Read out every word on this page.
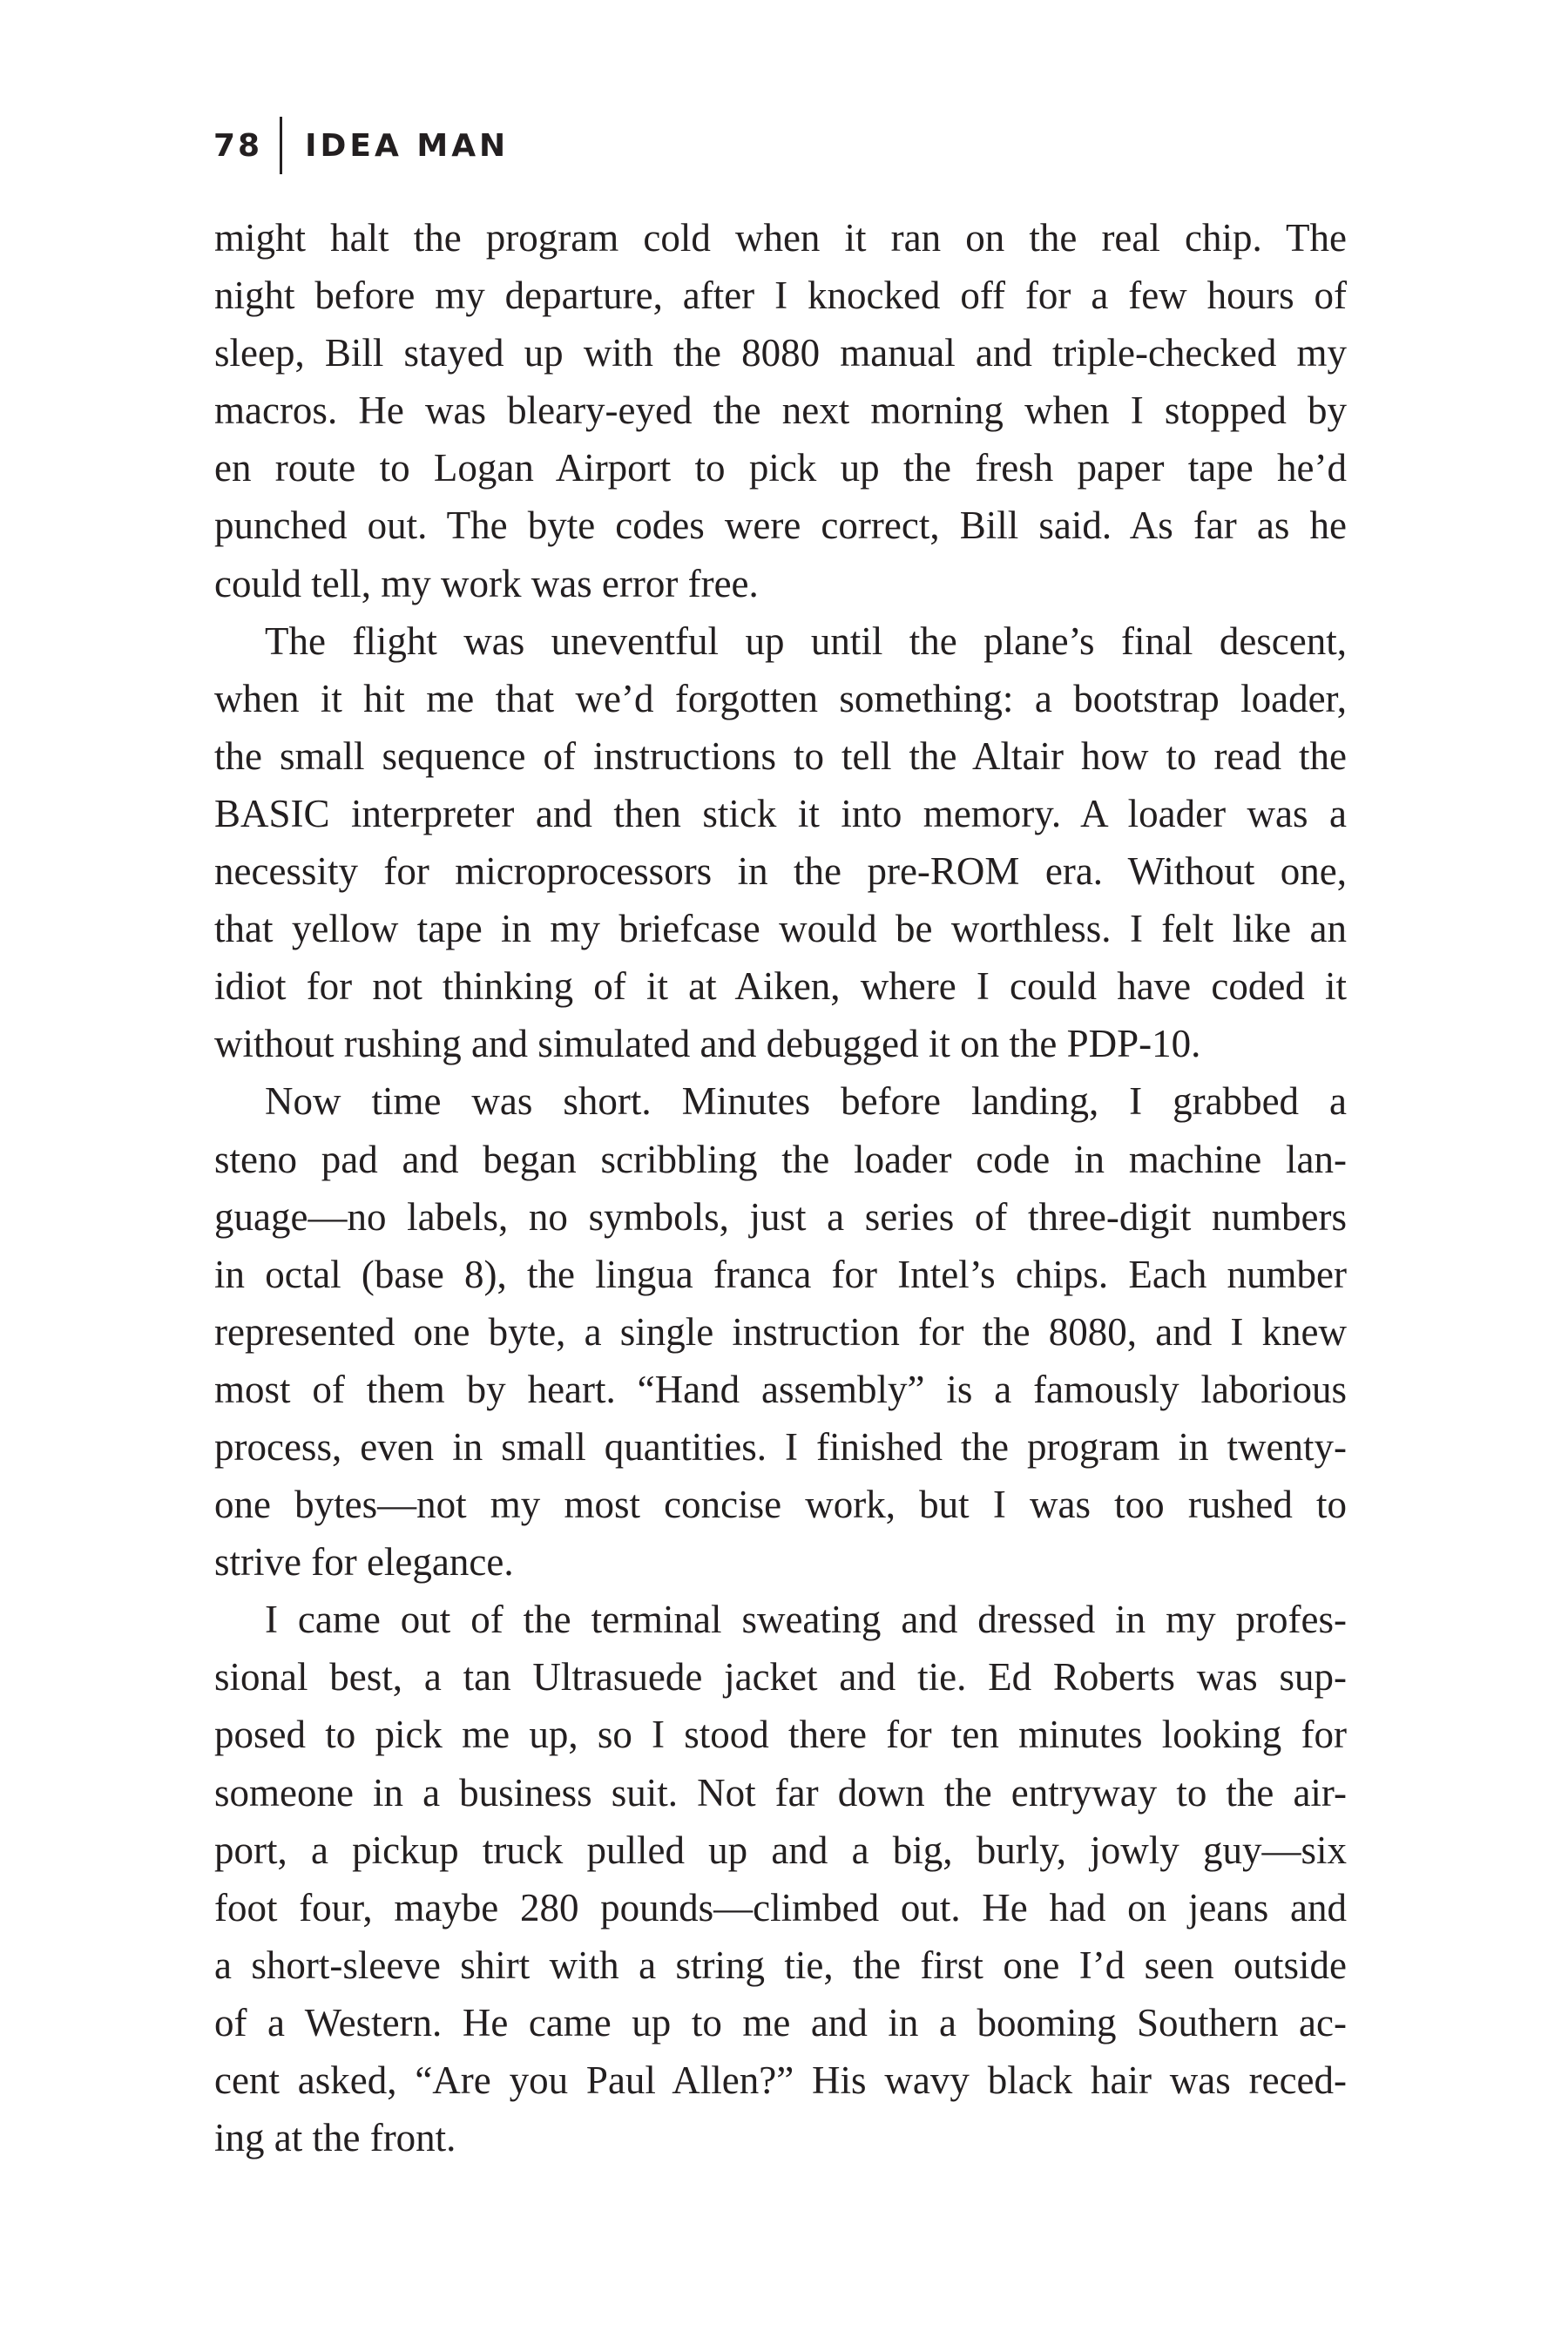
78 IDEA MAN

might halt the program cold when it ran on the real chip. The

night before my departure, after I knocked off for a few hours of

sleep, Bill stayed up with the 8080 manual and triple-checked my

macros. He was bleary-eyed the next morning when I stopped by

en route to Logan Airport to pick up the fresh paper tape he’d

punched out. The byte codes were correct, Bill said. As far as he

could tell, my work was error free.

The flight was uneventful up until the plane’s final descent,

when it hit me that we’d forgotten something: a bootstrap loader,

the small sequence of instructions to tell the Altair how to read the

BASIC interpreter and then stick it into memory. A loader was a

necessity for microprocessors in the pre-ROM era. Without one,

that yellow tape in my briefcase would be worthless. I felt like an

idiot for not thinking of it at Aiken, where I could have coded it

without rushing and simulated and debugged it on the PDP-10.

Now time was short. Minutes before landing, I grabbed a

steno pad and began scribbling the loader code in machine lan-

guage—no labels, no symbols, just a series of three-digit numbers

in octal (base 8), the lingua franca for Intel’s chips. Each number

represented one byte, a single instruction for the 8080, and I knew

most of them by heart. “Hand assembly” is a famously laborious

process, even in small quantities. I finished the program in twenty-

one bytes—not my most concise work, but I was too rushed to

strive for elegance.

I came out of the terminal sweating and dressed in my profes-

sional best, a tan Ultrasuede jacket and tie. Ed Roberts was sup-

posed to pick me up, so I stood there for ten minutes looking for

someone in a business suit. Not far down the entryway to the air-

port, a pickup truck pulled up and a big, burly, jowly guy—six

foot four, maybe 280 pounds—climbed out. He had on jeans and

a short-sleeve shirt with a string tie, the first one I’d seen outside

of a Western. He came up to me and in a booming Southern ac-

cent asked, “Are you Paul Allen?” His wavy black hair was reced-

ing at the front.
